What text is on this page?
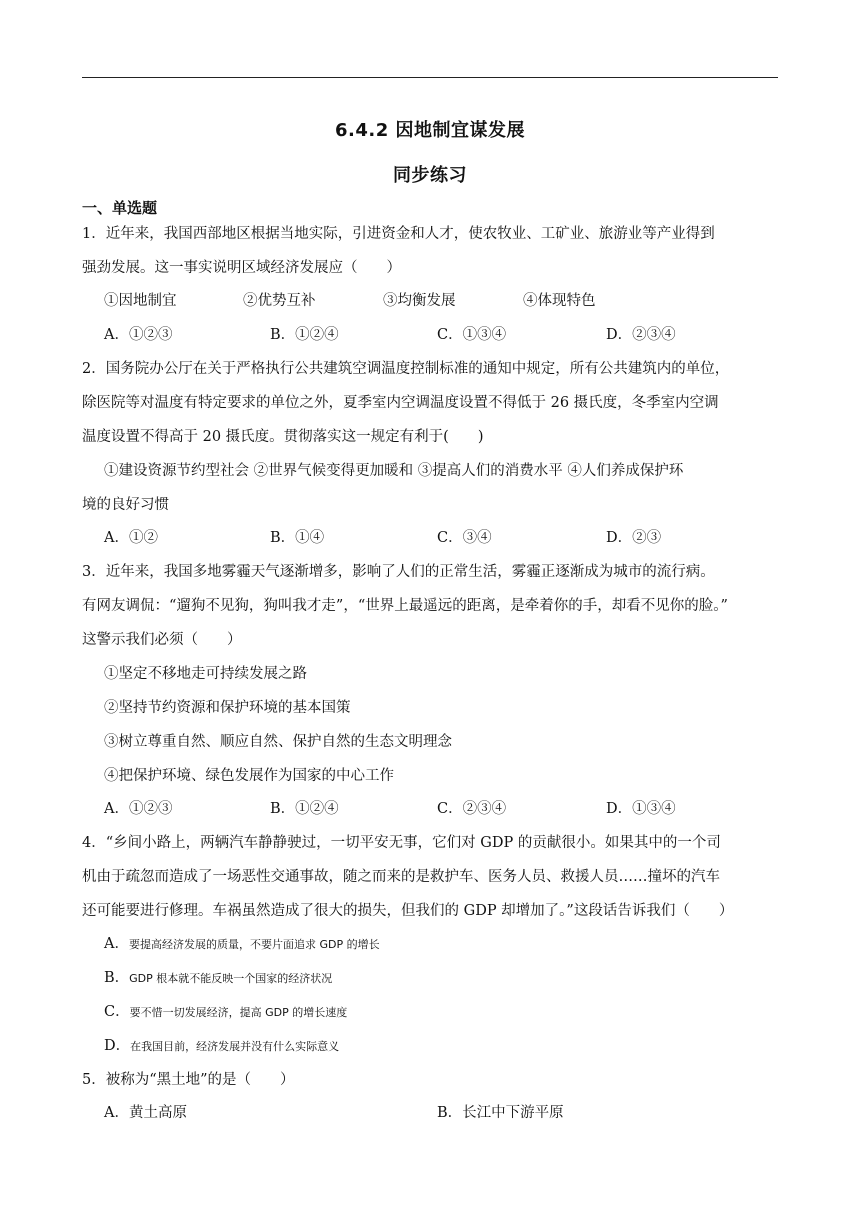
6.4.2 因地制宜谋发展
同步练习
一、单选题
1．近年来，我国西部地区根据当地实际，引进资金和人才，使农牧业、工矿业、旅游业等产业得到
强劲发展。这一事实说明区域经济发展应（　　）
①因地制宜	②优势互补	③均衡发展	④体现特色
A．①②③	B．①②④	C．①③④	D．②③④
2．国务院办公厅在关于严格执行公共建筑空调温度控制标准的通知中规定，所有公共建筑内的单位，
除医院等对温度有特定要求的单位之外，夏季室内空调温度设置不得低于 26 摄氏度，冬季室内空调
温度设置不得高于 20 摄氏度。贯彻落实这一规定有利于(　　)
①建设资源节约型社会 ②世界气候变得更加暖和 ③提高人们的消费水平 ④人们养成保护环
境的良好习惯
A．①②	B．①④	C．③④	D．②③
3．近年来，我国多地雾霾天气逐渐增多，影响了人们的正常生活，雾霾正逐渐成为城市的流行病。
有网友调侃：“遛狗不见狗，狗叫我才走”，“世界上最遥远的距离，是牵着你的手，却看不见你的脸。”
这警示我们必须（　　）
①坚定不移地走可持续发展之路
②坚持节约资源和保护环境的基本国策
③树立尊重自然、顺应自然、保护自然的生态文明理念
④把保护环境、绿色发展作为国家的中心工作
A．①②③	B．①②④	C．②③④	D．①③④
4．“乡间小路上，两辆汽车静静驶过，一切平安无事，它们对 GDP 的贡献很小。如果其中的一个司
机由于疏忽而造成了一场恶性交通事故，随之而来的是救护车、医务人员、救援人员……撞坏的汽车
还可能要进行修理。车祸虽然造成了很大的损失，但我们的 GDP 却增加了。”这段话告诉我们（　　）
A．要提高经济发展的质量，不要片面追求 GDP 的增长
B．GDP 根本就不能反映一个国家的经济状况
C．要不惜一切发展经济，提高 GDP 的增长速度
D．在我国目前，经济发展并没有什么实际意义
5．被称为“黑土地”的是（　　）
A．黄土高原	B．长江中下游平原
